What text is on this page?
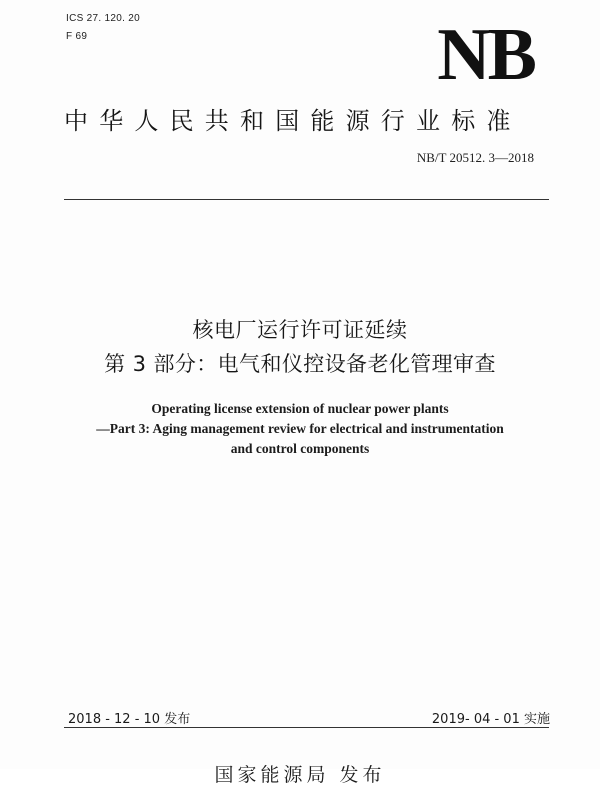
ICS 27. 120. 20
F 69	NB
中华人民共和国能源行业标准
NB/T 20512. 3—2018
核电厂运行许可证延续
第 3 部分：电气和仪控设备老化管理审查
Operating license extension of nuclear power plants
—Part 3: Aging management review for electrical and instrumentation
and control components
2018 - 12 - 10 发布	2019- 04 - 01 实施
国家能源局 发布
